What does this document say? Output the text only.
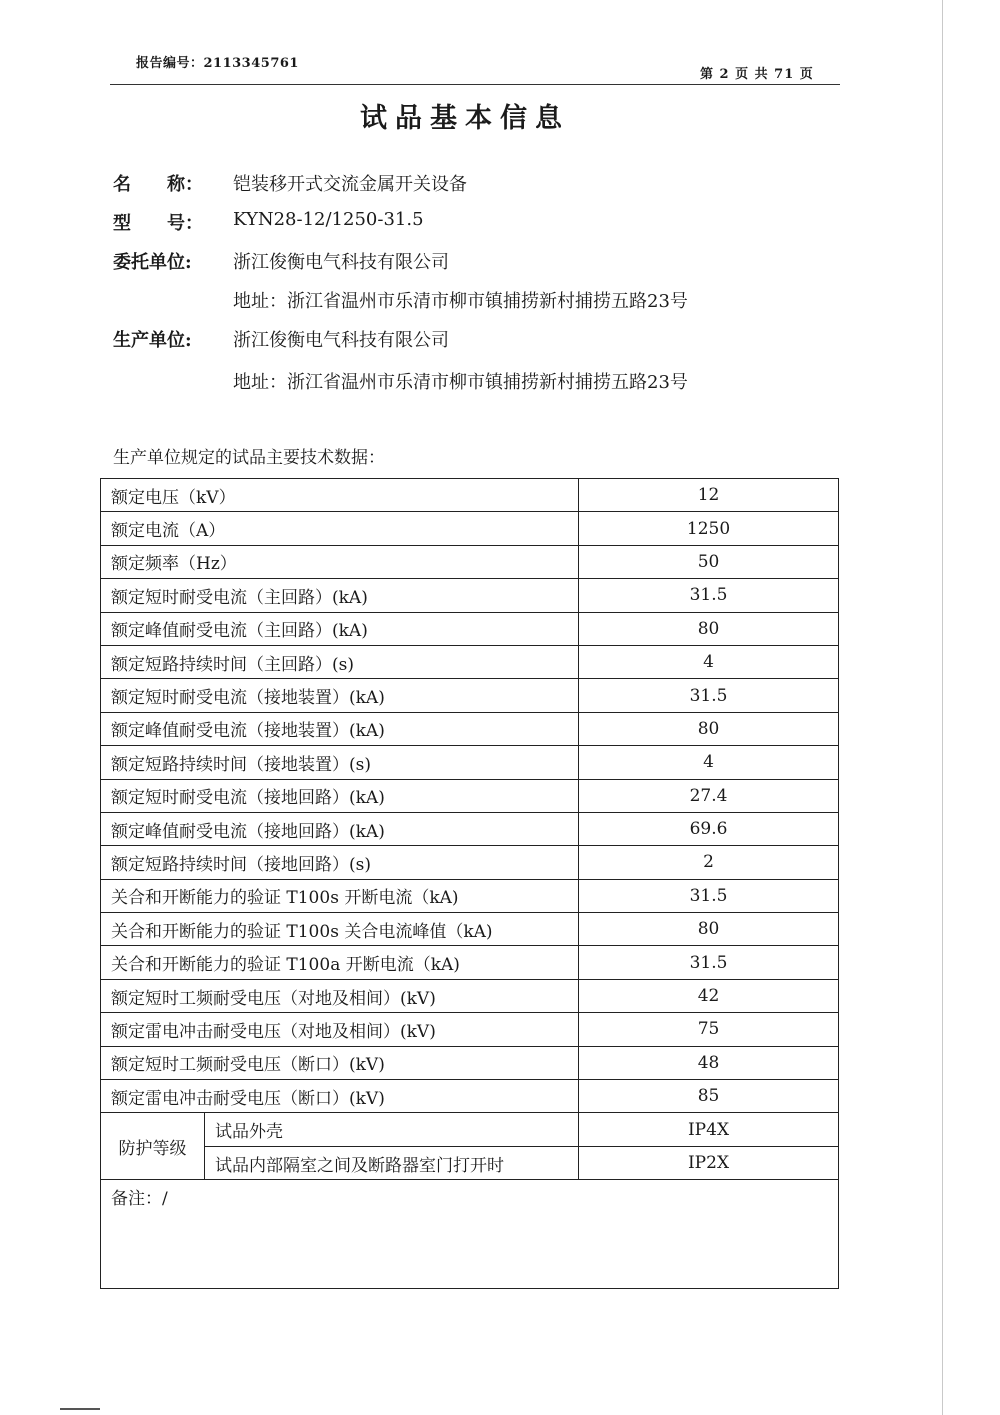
报告编号：2113345761
第 2 页 共 71 页
试品基本信息
名　　称： 铠装移开式交流金属开关设备
型　　号： KYN28-12/1250-31.5
委托单位: 浙江俊衡电气科技有限公司
地址：浙江省温州市乐清市柳市镇捕捞新村捕捞五路23号
生产单位: 浙江俊衡电气科技有限公司
地址：浙江省温州市乐清市柳市镇捕捞新村捕捞五路23号
生产单位规定的试品主要技术数据：
额定电压（kV）		12
额定电流（A）		1250
额定频率（Hz）		50
额定短时耐受电流（主回路）(kA)		31.5
额定峰值耐受电流（主回路）(kA)		80
额定短路持续时间（主回路）(s)		4
额定短时耐受电流（接地装置）(kA)		31.5
额定峰值耐受电流（接地装置）(kA)		80
额定短路持续时间（接地装置）(s)		4
额定短时耐受电流（接地回路）(kA)		27.4
额定峰值耐受电流（接地回路）(kA)		69.6
额定短路持续时间（接地回路）(s)		2
关合和开断能力的验证 T100s 开断电流（kA)		31.5
关合和开断能力的验证 T100s 关合电流峰值（kA)		80
关合和开断能力的验证 T100a 开断电流（kA)		31.5
额定短时工频耐受电压（对地及相间）(kV)		42
额定雷电冲击耐受电压（对地及相间）(kV)		75
额定短时工频耐受电压（断口）(kV)		48
额定雷电冲击耐受电压（断口）(kV)		85
防护等级	试品外壳	IP4X
	试品内部隔室之间及断路器室门打开时	IP2X
备注：/		
